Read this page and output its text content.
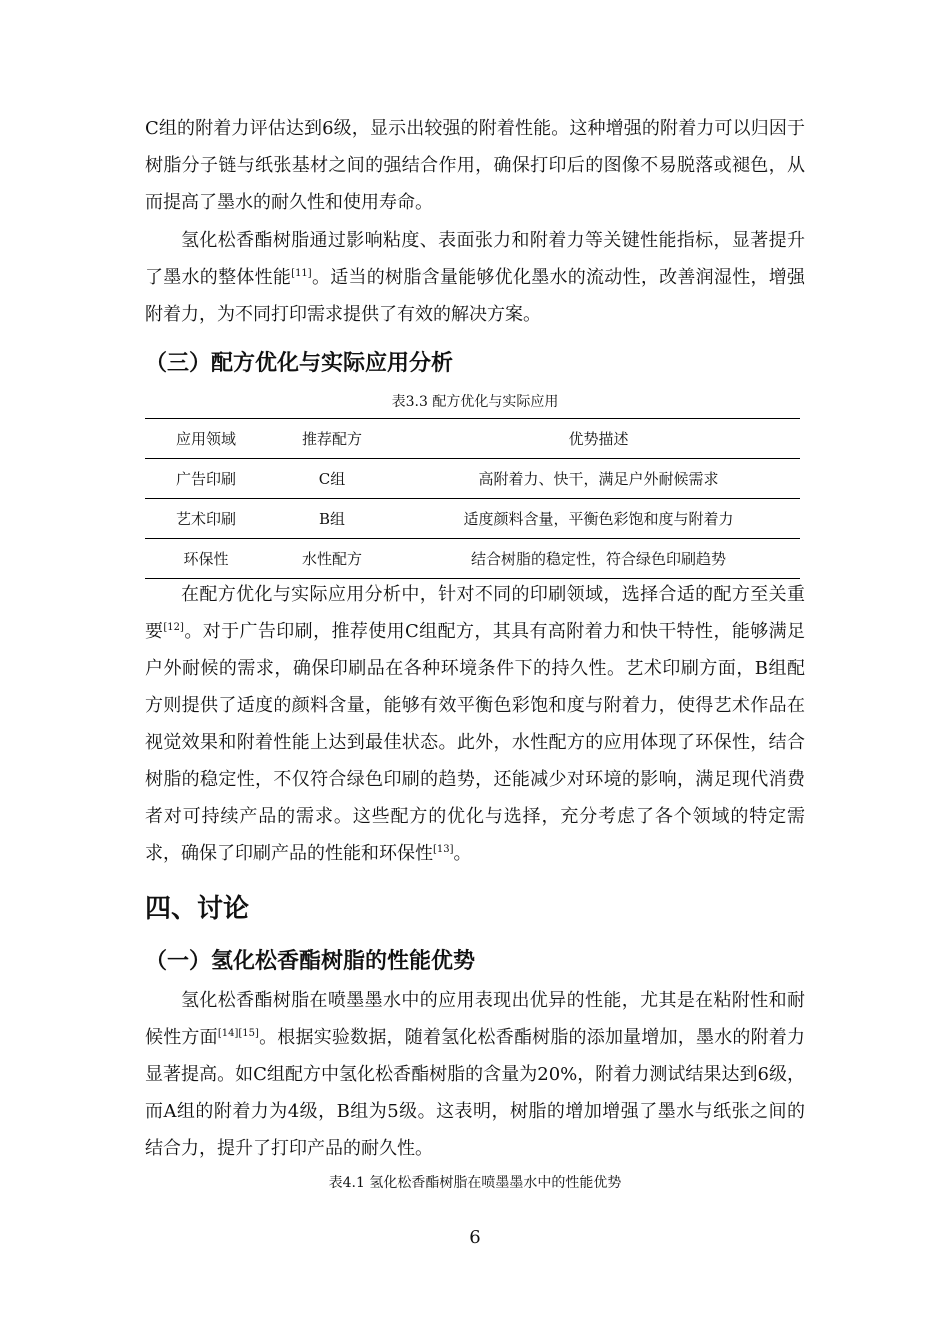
C组的附着力评估达到6级，显示出较强的附着性能。这种增强的附着力可以归因于树脂分子链与纸张基材之间的强结合作用，确保打印后的图像不易脱落或褪色，从而提高了墨水的耐久性和使用寿命。

氢化松香酯树脂通过影响粘度、表面张力和附着力等关键性能指标，显著提升了墨水的整体性能[11]。适当的树脂含量能够优化墨水的流动性，改善润湿性，增强附着力，为不同打印需求提供了有效的解决方案。

（三）配方优化与实际应用分析

表3.3 配方优化与实际应用

应用领域	推荐配方	优势描述
广告印刷	C组	高附着力、快干，满足户外耐候需求
艺术印刷	B组	适度颜料含量，平衡色彩饱和度与附着力
环保性	水性配方	结合树脂的稳定性，符合绿色印刷趋势

在配方优化与实际应用分析中，针对不同的印刷领域，选择合适的配方至关重要[12]。对于广告印刷，推荐使用C组配方，其具有高附着力和快干特性，能够满足户外耐候的需求，确保印刷品在各种环境条件下的持久性。艺术印刷方面，B组配方则提供了适度的颜料含量，能够有效平衡色彩饱和度与附着力，使得艺术作品在视觉效果和附着性能上达到最佳状态。此外，水性配方的应用体现了环保性，结合树脂的稳定性，不仅符合绿色印刷的趋势，还能减少对环境的影响，满足现代消费者对可持续产品的需求。这些配方的优化与选择，充分考虑了各个领域的特定需求，确保了印刷产品的性能和环保性[13]。

四、讨论
（一）氢化松香酯树脂的性能优势

氢化松香酯树脂在喷墨墨水中的应用表现出优异的性能，尤其是在粘附性和耐候性方面[14][15]。根据实验数据，随着氢化松香酯树脂的添加量增加，墨水的附着力显著提高。如C组配方中氢化松香酯树脂的含量为20%，附着力测试结果达到6级，而A组的附着力为4级，B组为5级。这表明，树脂的增加增强了墨水与纸张之间的结合力，提升了打印产品的耐久性。

表4.1 氢化松香酯树脂在喷墨墨水中的性能优势

6
